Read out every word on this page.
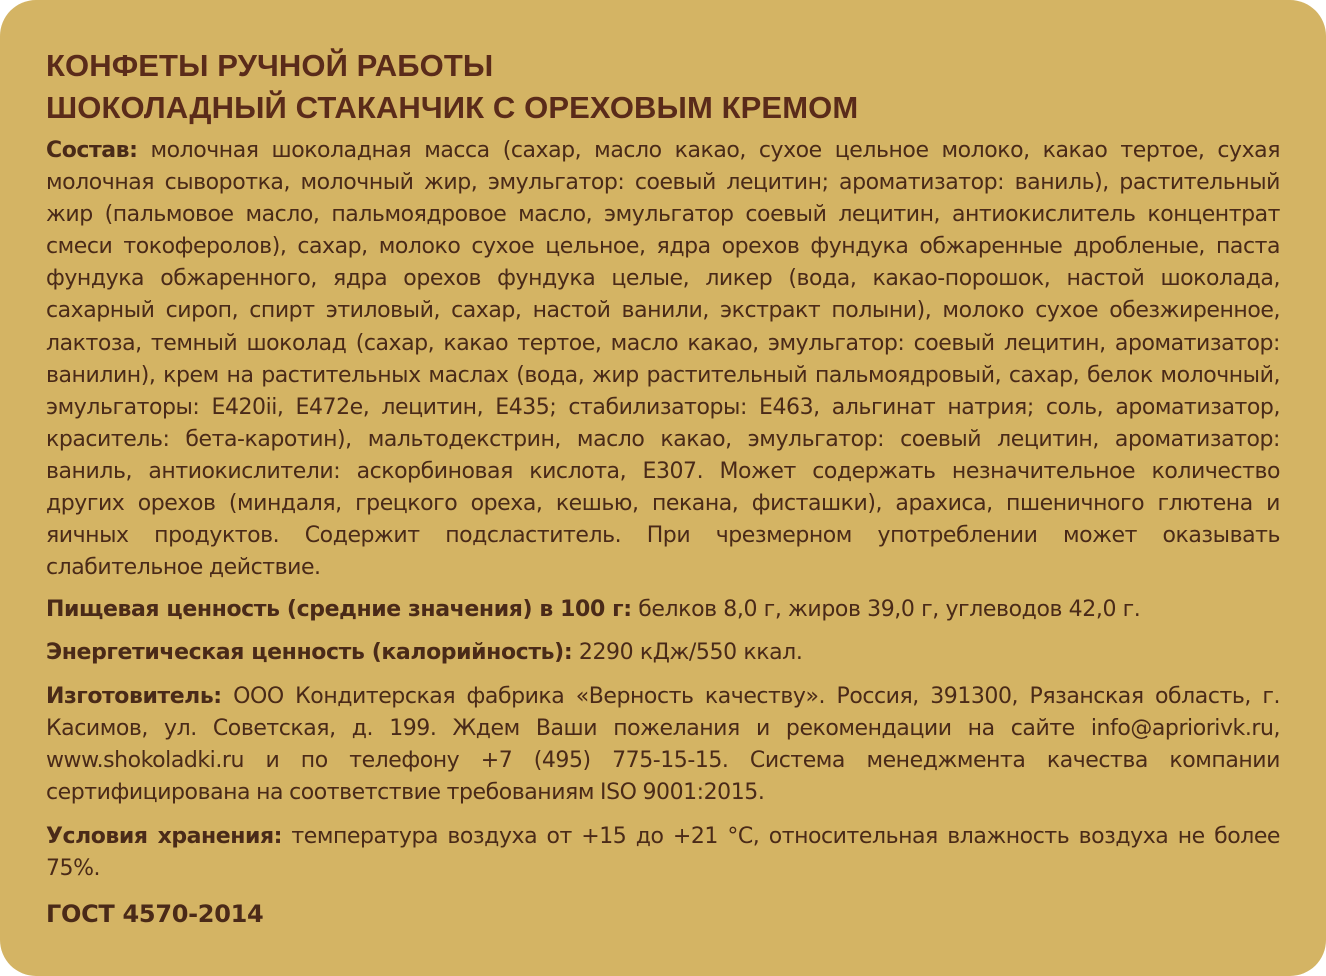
КОНФЕТЫ РУЧНОЙ РАБОТЫ
ШОКОЛАДНЫЙ СТАКАНЧИК С ОРЕХОВЫМ КРЕМОМ

Состав: молочная шоколадная масса (сахар, масло какао, сухое цельное молоко, какао тертое, сухая молочная сыворотка, молочный жир, эмульгатор: соевый лецитин; ароматизатор: ваниль), растительный жир (пальмовое масло, пальмоядровое масло, эмульгатор соевый лецитин, антиокислитель концентрат смеси токоферолов), сахар, молоко сухое цельное, ядра орехов фундука обжаренные дробленые, паста фундука обжаренного, ядра орехов фундука целые, ликер (вода, какао-порошок, настой шоколада, сахарный сироп, спирт этиловый, сахар, настой ванили, экстракт полыни), молоко сухое обезжиренное, лактоза, темный шоколад (сахар, какао тертое, масло какао, эмульгатор: соевый лецитин, ароматизатор: ванилин), крем на растительных маслах (вода, жир растительный пальмоядровый, сахар, белок молочный, эмульгаторы: Е420ii, Е472е, лецитин, Е435; стабилизаторы: Е463, альгинат натрия; соль, ароматизатор, краситель: бета-каротин), мальтодекстрин, масло какао, эмульгатор: соевый лецитин, ароматизатор: ваниль, антиокислители: аскорбиновая кислота, Е307. Может содержать незначительное количество других орехов (миндаля, грецкого ореха, кешью, пекана, фисташки), арахиса, пшеничного глютена и яичных продуктов. Содержит подсластитель. При чрезмерном употреблении может оказывать слабительное действие.

Пищевая ценность (средние значения) в 100 г: белков 8,0 г, жиров 39,0 г, углеводов 42,0 г.

Энергетическая ценность (калорийность): 2290 кДж/550 ккал.

Изготовитель: ООО Кондитерская фабрика «Верность качеству». Россия, 391300, Рязанская область, г. Касимов, ул. Советская, д. 199. Ждем Ваши пожелания и рекомендации на сайте info@apriorivk.ru, www.shokoladki.ru и по телефону +7 (495) 775-15-15. Система менеджмента качества компании сертифицирована на соответствие требованиям ISO 9001:2015.

Условия хранения: температура воздуха от +15 до +21 °С, относительная влажность воздуха не более 75%.

ГОСТ 4570-2014
